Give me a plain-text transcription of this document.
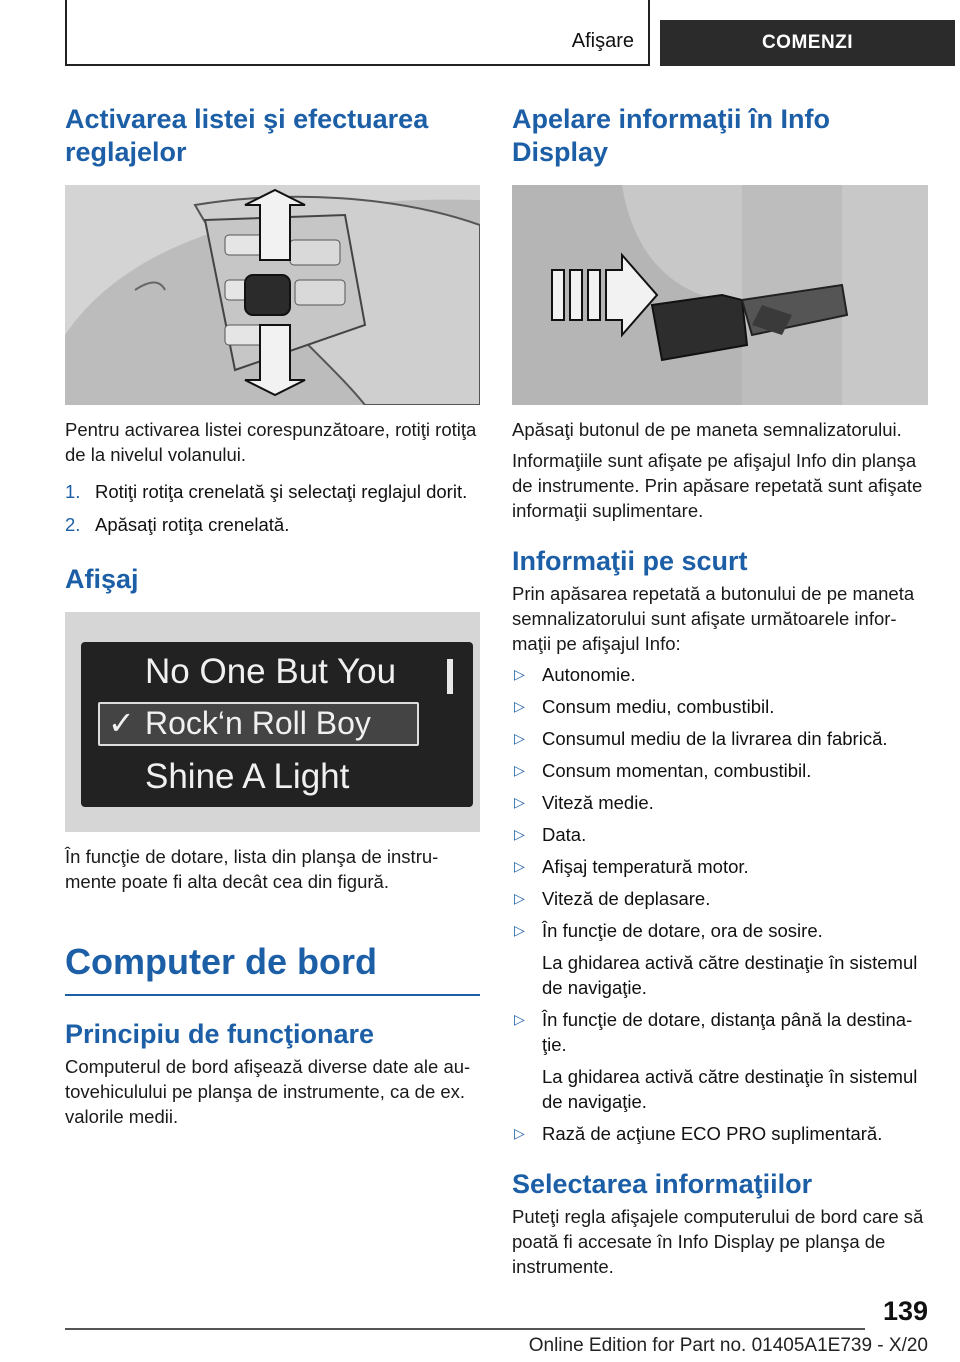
Afişare	COMENZI
Activarea listei şi efectuarea reglajelor

Pentru activarea listei corespunzătoare, rotiţi rotiţa de la nivelul volanului.

1. Rotiţi rotiţa crenelată şi selectaţi reglajul dorit.
2. Apăsaţi rotiţa crenelată.
Afişaj
No One But You
✓ Rock‘n Roll Boy
Shine A Light

În funcţie de dotare, lista din planşa de instrumente poate fi alta decât cea din figură.

Computer de bord
Principiu de funcţionare

Computerul de bord afişează diverse date ale autovehiculului pe planşa de instrumente, ca de ex. valorile medii.

Apelare informaţii în Info Display

Apăsaţi butonul de pe maneta semnalizatorului.

Informaţiile sunt afişate pe afişajul Info din planşa de instrumente. Prin apăsare repetată sunt afişate informaţii suplimentare.

Informaţii pe scurt

Prin apăsarea repetată a butonului de pe maneta semnalizatorului sunt afişate următoarele informaţii pe afişajul Info:

▷ Autonomie.
▷ Consum mediu, combustibil.
▷ Consumul mediu de la livrarea din fabrică.
▷ Consum momentan, combustibil.
▷ Viteză medie.
▷ Data.
▷ Afişaj temperatură motor.
▷ Viteză de deplasare.
▷ În funcţie de dotare, ora de sosire.
La ghidarea activă către destinaţie în sistemul de navigaţie.
▷ În funcţie de dotare, distanţa până la destinaţie.
La ghidarea activă către destinaţie în sistemul de navigaţie.
▷ Rază de acţiune ECO PRO suplimentară.
Selectarea informaţiilor

Puteţi regla afişajele computerului de bord care să poată fi accesate în Info Display pe planşa de instrumente.

139
Online Edition for Part no. 01405A1E739 - X/20
